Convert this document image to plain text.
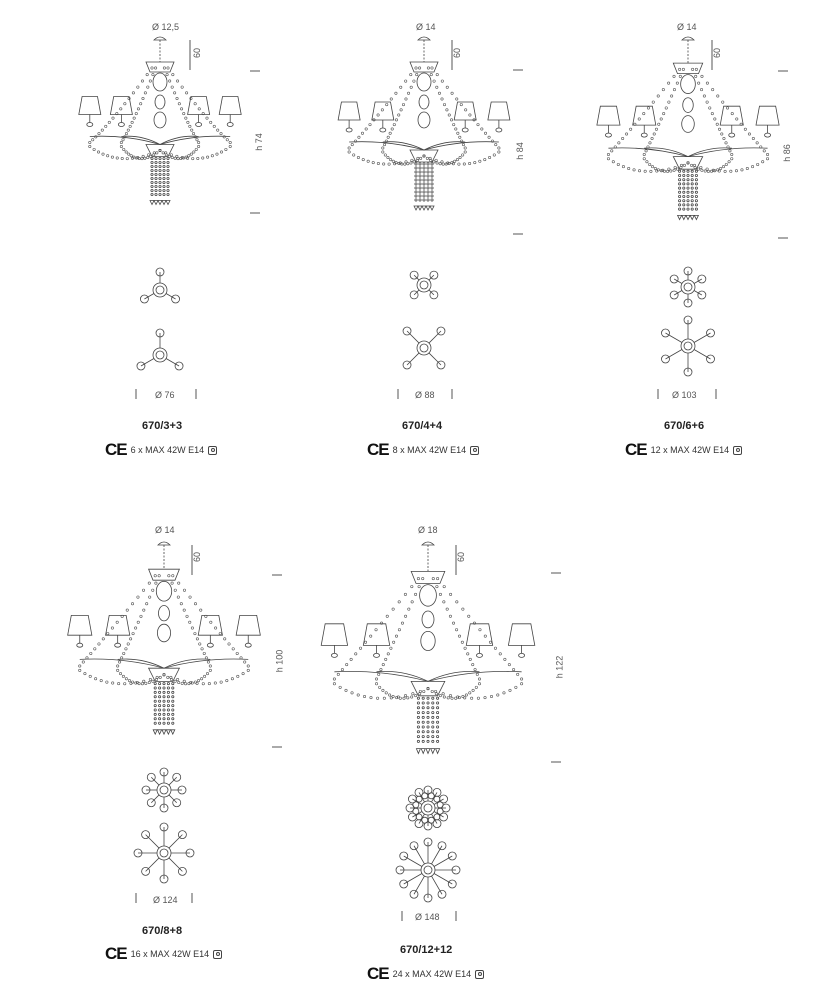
Ø 12,5
60
h 74
Ø 76
670/3+3
CE 6 x MAX 42W E14
Ø 14
60
h 84
Ø 88
670/4+4
CE 8 x MAX 42W E14
Ø 14
60
h 86
Ø 103
670/6+6
CE 12 x MAX 42W E14
Ø 14
60
h 100
Ø 124
670/8+8
CE 16 x MAX 42W E14
Ø 18
60
h 122
Ø 148
670/12+12
CE 24 x MAX 42W E14
